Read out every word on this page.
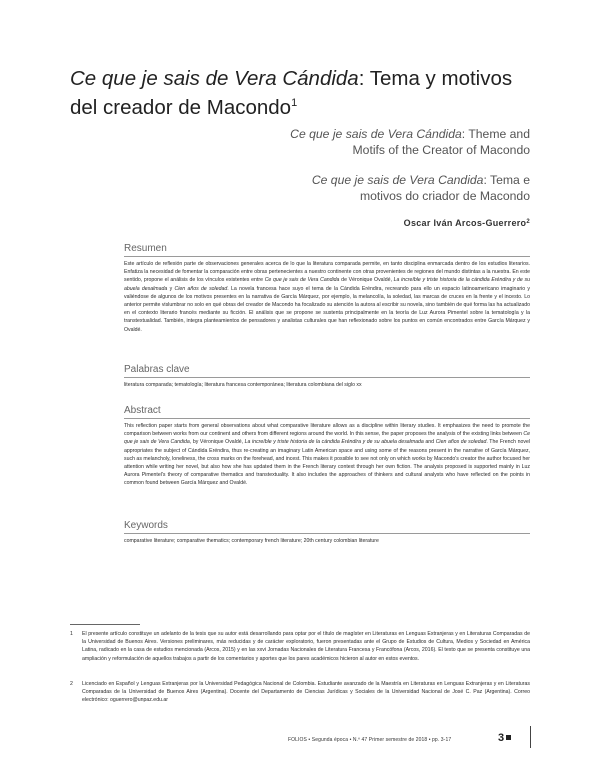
Ce que je sais de Vera Cándida: Tema y motivos del creador de Macondo$^1$
Ce que je sais de Vera Cándida: Theme and
Motifs of the Creator of Macondo
Ce que je sais de Vera Candida: Tema e
motivos do criador de Macondo
Oscar Iván Arcos-Guerrero$^2$
Resumen
Este artículo de reflexión parte de observaciones generales acerca de lo que la literatura comparada permite, en tanto disciplina enmarcada dentro de los estudios literarios. Enfatiza la necesidad de fomentar la comparación entre obras pertenecientes a nuestro continente con otras provenientes de regiones del mundo distintas a la nuestra. En este sentido, propone el análisis de los vínculos existentes entre Ce que je sais de Vera Candida de Véronique Ovaldé, La increíble y triste historia de la cándida Eréndira y de su abuela desalmada y Cien años de soledad. La novela francesa hace suyo el tema de la Cándida Eréndira, recreando para ello un espacio latinoamericano imaginario y valiéndose de algunos de los motivos presentes en la narrativa de García Márquez, por ejemplo, la melancolía, la soledad, las marcas de cruces en la frente y el incesto. Lo anterior permite vislumbrar no solo en qué obras del creador de Macondo ha focalizado su atención la autora al escribir su novela, sino también de qué forma las ha actualizado en el contexto literario francés mediante su ficción. El análisis que se propone se sustenta principalmente en la teoría de Luz Aurora Pimentel sobre la tematología y la transtextualidad. También, integra planteamientos de pensadores y analistas culturales que han reflexionado sobre los puntos en común encontrados entre García Márquez y Ovaldé.
Palabras clave
literatura comparada; tematología; literatura francesa contemporánea; literatura colombiana del siglo xx
Abstract
This reflection paper starts from general observations about what comparative literature allows as a discipline within literary studies. It emphasizes the need to promote the comparison between works from our continent and others from different regions around the world. In this sense, the paper proposes the analysis of the existing links between Ce que je sais de Vera Candida, by Véronique Ovaldé, La increíble y triste historia de la cándida Eréndira y de su abuela desalmada and Cien años de soledad. The French novel appropriates the subject of Cándida Eréndira, thus re-creating an imaginary Latin American space and using some of the reasons present in the narrative of García Márquez, such as melancholy, loneliness, the cross marks on the forehead, and incest. This makes it possible to see not only on which works by Macondo's creator the author focused her attention while writing her novel, but also how she has updated them in the French literary context through her own fiction. The analysis proposed is supported mainly in Luz Aurora Pimentel's theory of comparative thematics and transtextuality. It also includes the approaches of thinkers and cultural analysts who have reflected on the points in common found between García Márquez and Ovaldé.
Keywords
comparative literature; comparative thematics; contemporary french literature; 20th century colombian literature
1 El presente artículo constituye un adelanto de la tesis que su autor está desarrollando para optar por el título de magíster en Literaturas en Lenguas Extranjeras y en Literaturas Comparadas de la Universidad de Buenos Aires. Versiones preliminares, más reducidas y de carácter exploratorio, fueron presentadas ante el Grupo de Estudios de Cultura, Medios y Sociedad en América Latina, radicado en la casa de estudios mencionada (Arcos, 2015) y en las xxvi Jornadas Nacionales de Literatura Francesa y Francófona (Arcos, 2016). El texto que se presenta constituye una ampliación y reformulación de aquellos trabajos a partir de los comentarios y aportes que los pares académicos hicieron al autor en estos eventos.
2 Licenciado en Español y Lenguas Extranjeras por la Universidad Pedagógica Nacional de Colombia. Estudiante avanzado de la Maestría en Literaturas en Lenguas Extranjeras y en Literaturas Comparadas de la Universidad de Buenos Aires (Argentina). Docente del Departamento de Ciencias Jurídicas y Sociales de la Universidad Nacional de José C. Paz (Argentina). Correo electrónico: oguerrero@unpaz.edu.ar
FOLIOS • Segunda época • N.º 47 Primer semestre de 2018 • pp. 3-17	3
